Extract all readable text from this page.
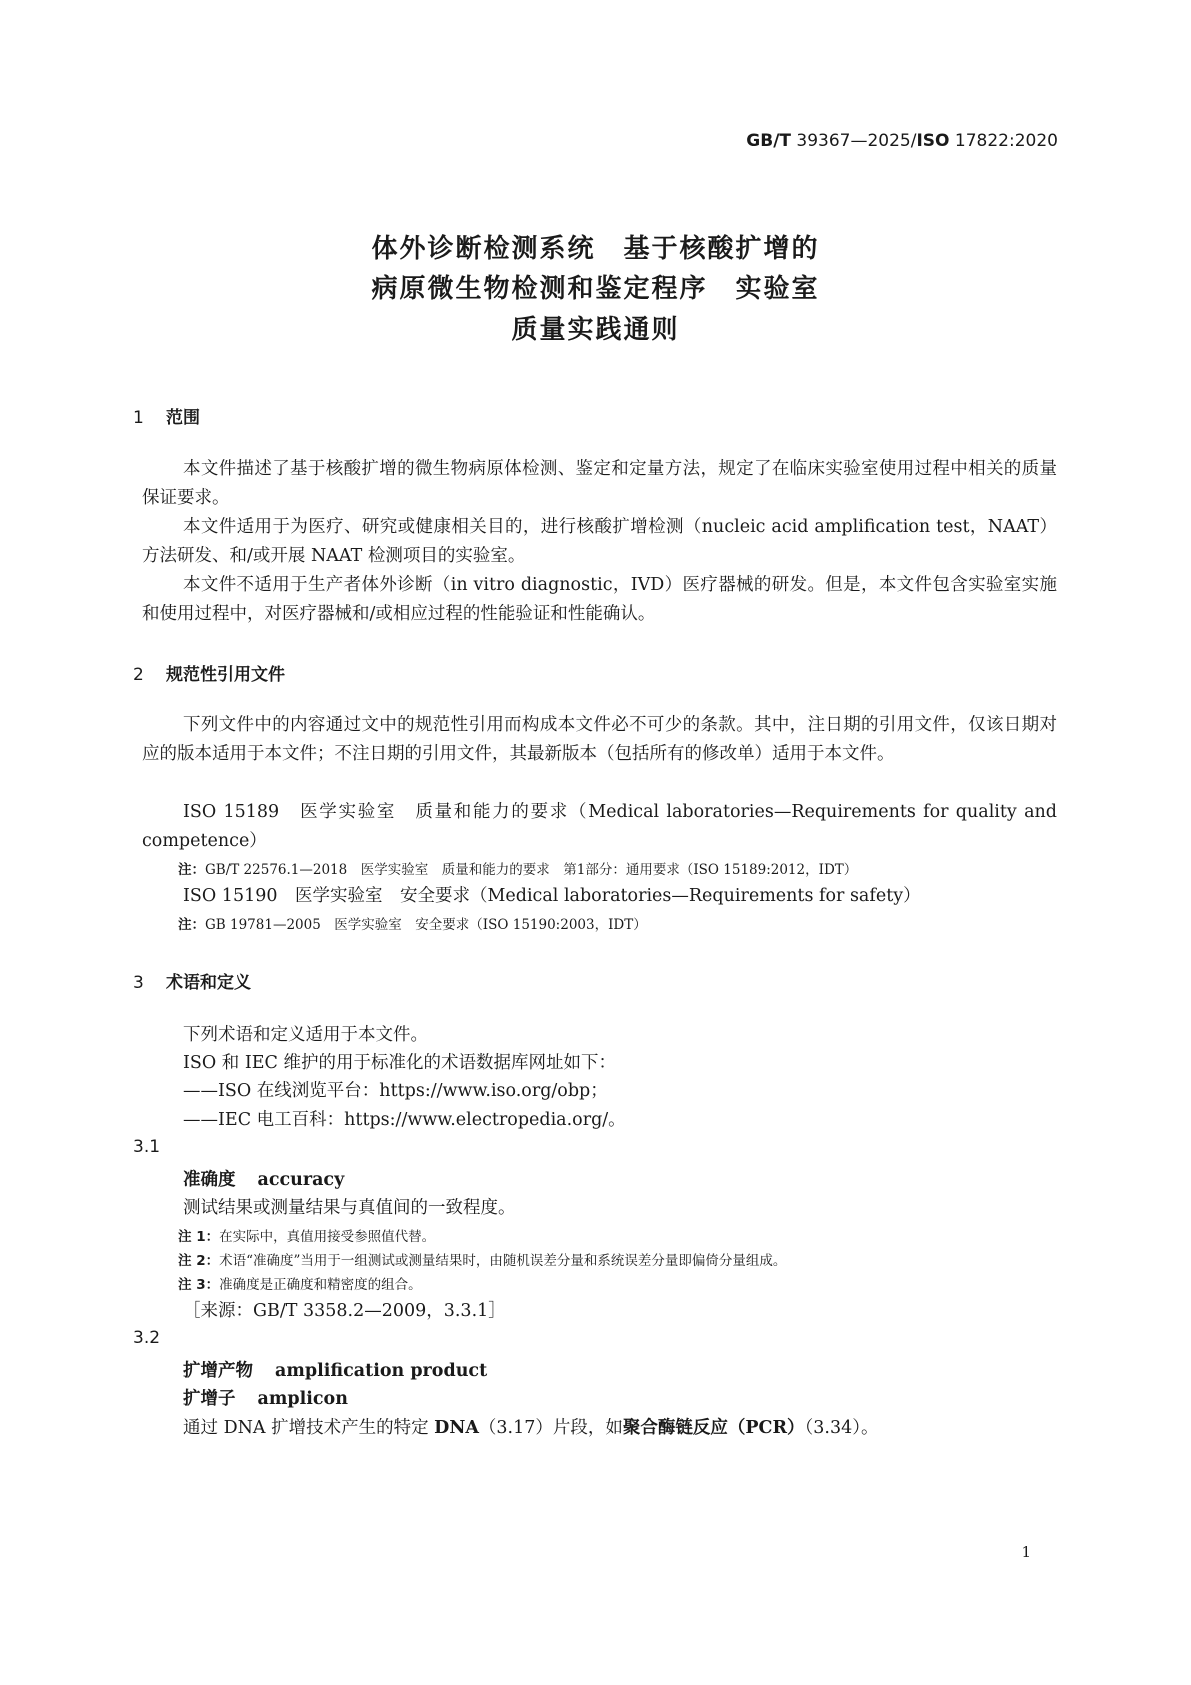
GB/T 39367—2025/ISO 17822:2020
体外诊断检测系统　基于核酸扩增的
病原微生物检测和鉴定程序　实验室
质量实践通则
1 范围
本文件描述了基于核酸扩增的微生物病原体检测、鉴定和定量方法，规定了在临床实验室使用过程中相关的质量保证要求。
本文件适用于为医疗、研究或健康相关目的，进行核酸扩增检测（nucleic acid amplification test，NAAT）方法研发、和/或开展 NAAT 检测项目的实验室。
本文件不适用于生产者体外诊断（in vitro diagnostic，IVD）医疗器械的研发。但是，本文件包含实验室实施和使用过程中，对医疗器械和/或相应过程的性能验证和性能确认。
2 规范性引用文件
下列文件中的内容通过文中的规范性引用而构成本文件必不可少的条款。其中，注日期的引用文件，仅该日期对应的版本适用于本文件；不注日期的引用文件，其最新版本（包括所有的修改单）适用于本文件。
ISO 15189　医学实验室　质量和能力的要求（Medical laboratories—Requirements for quality and competence）
注：GB/T 22576.1—2018　医学实验室　质量和能力的要求　第1部分：通用要求（ISO 15189:2012，IDT）
ISO 15190　医学实验室　安全要求（Medical laboratories—Requirements for safety）
注：GB 19781—2005　医学实验室　安全要求（ISO 15190:2003，IDT）
3 术语和定义
下列术语和定义适用于本文件。
ISO 和 IEC 维护的用于标准化的术语数据库网址如下：
——ISO 在线浏览平台：https://www.iso.org/obp；
——IEC 电工百科：https://www.electropedia.org/。
3.1
准确度 accuracy
测试结果或测量结果与真值间的一致程度。
注 1：在实际中，真值用接受参照值代替。
注 2：术语“准确度”当用于一组测试或测量结果时，由随机误差分量和系统误差分量即偏倚分量组成。
注 3：准确度是正确度和精密度的组合。
［来源：GB/T 3358.2—2009，3.3.1］
3.2
扩增产物 amplification product
扩增子 amplicon
通过 DNA 扩增技术产生的特定 DNA（3.17）片段，如聚合酶链反应（PCR）（3.34）。
1
